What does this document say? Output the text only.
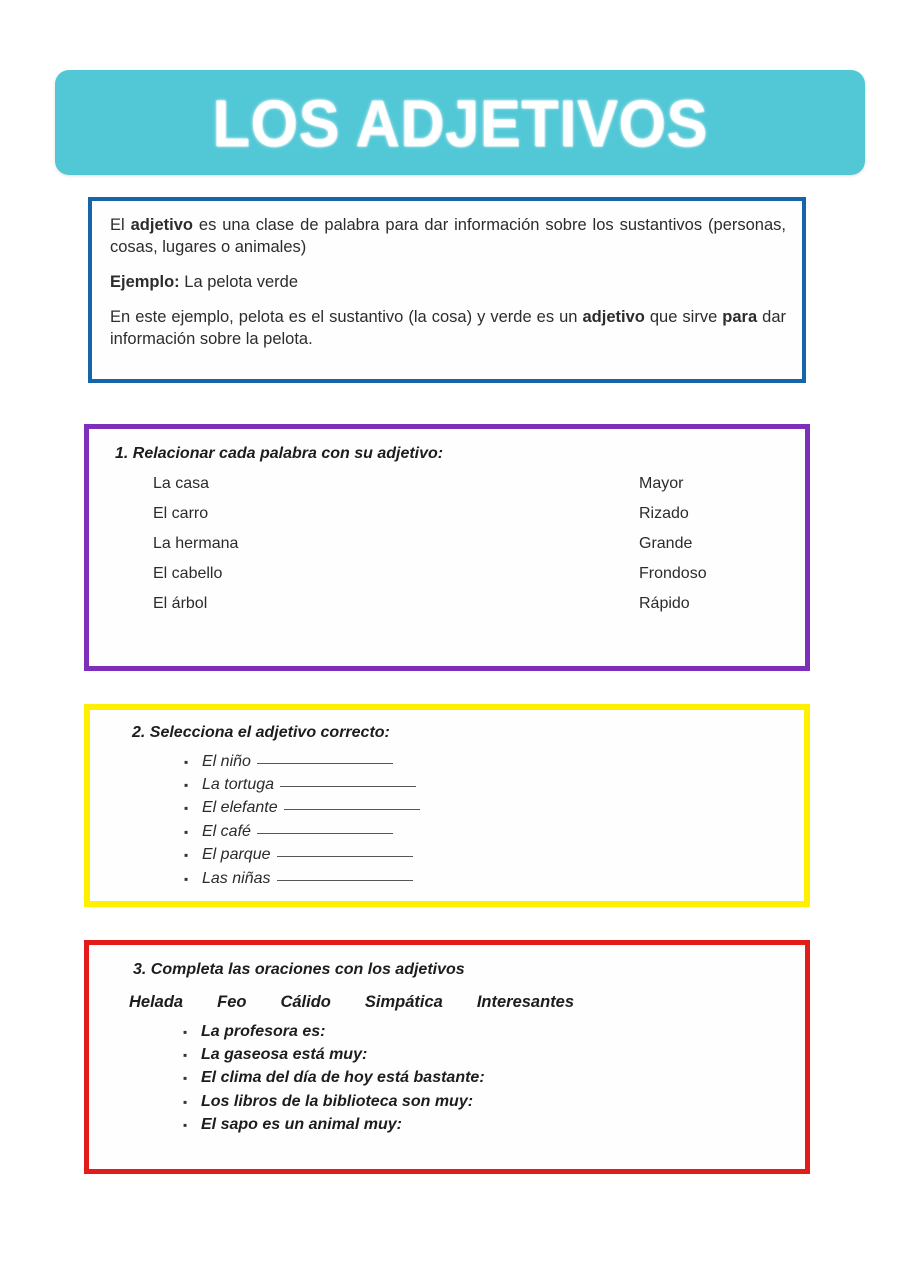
LOS ADJETIVOS

El adjetivo es una clase de palabra para dar información sobre los sustantivos (personas, cosas, lugares o animales)

Ejemplo: La pelota verde

En este ejemplo, pelota es el sustantivo (la cosa) y verde es un adjetivo que sirve para dar información sobre la pelota.

1. Relacionar cada palabra con su adjetivo:
La casa	Mayor
El carro	Rizado
La hermana	Grande
El cabello	Frondoso
El árbol	Rápido
2. Selecciona el adjetivo correcto:
▪ El niño
▪ La tortuga
▪ El elefante
▪ El café
▪ El parque
▪ Las niñas
3. Completa las oraciones con los adjetivos
Helada Feo Cálido Simpática Interesantes
▪ La profesora es:
▪ La gaseosa está muy:
▪ El clima del día de hoy está bastante:
▪ Los libros de la biblioteca son muy:
▪ El sapo es un animal muy:
